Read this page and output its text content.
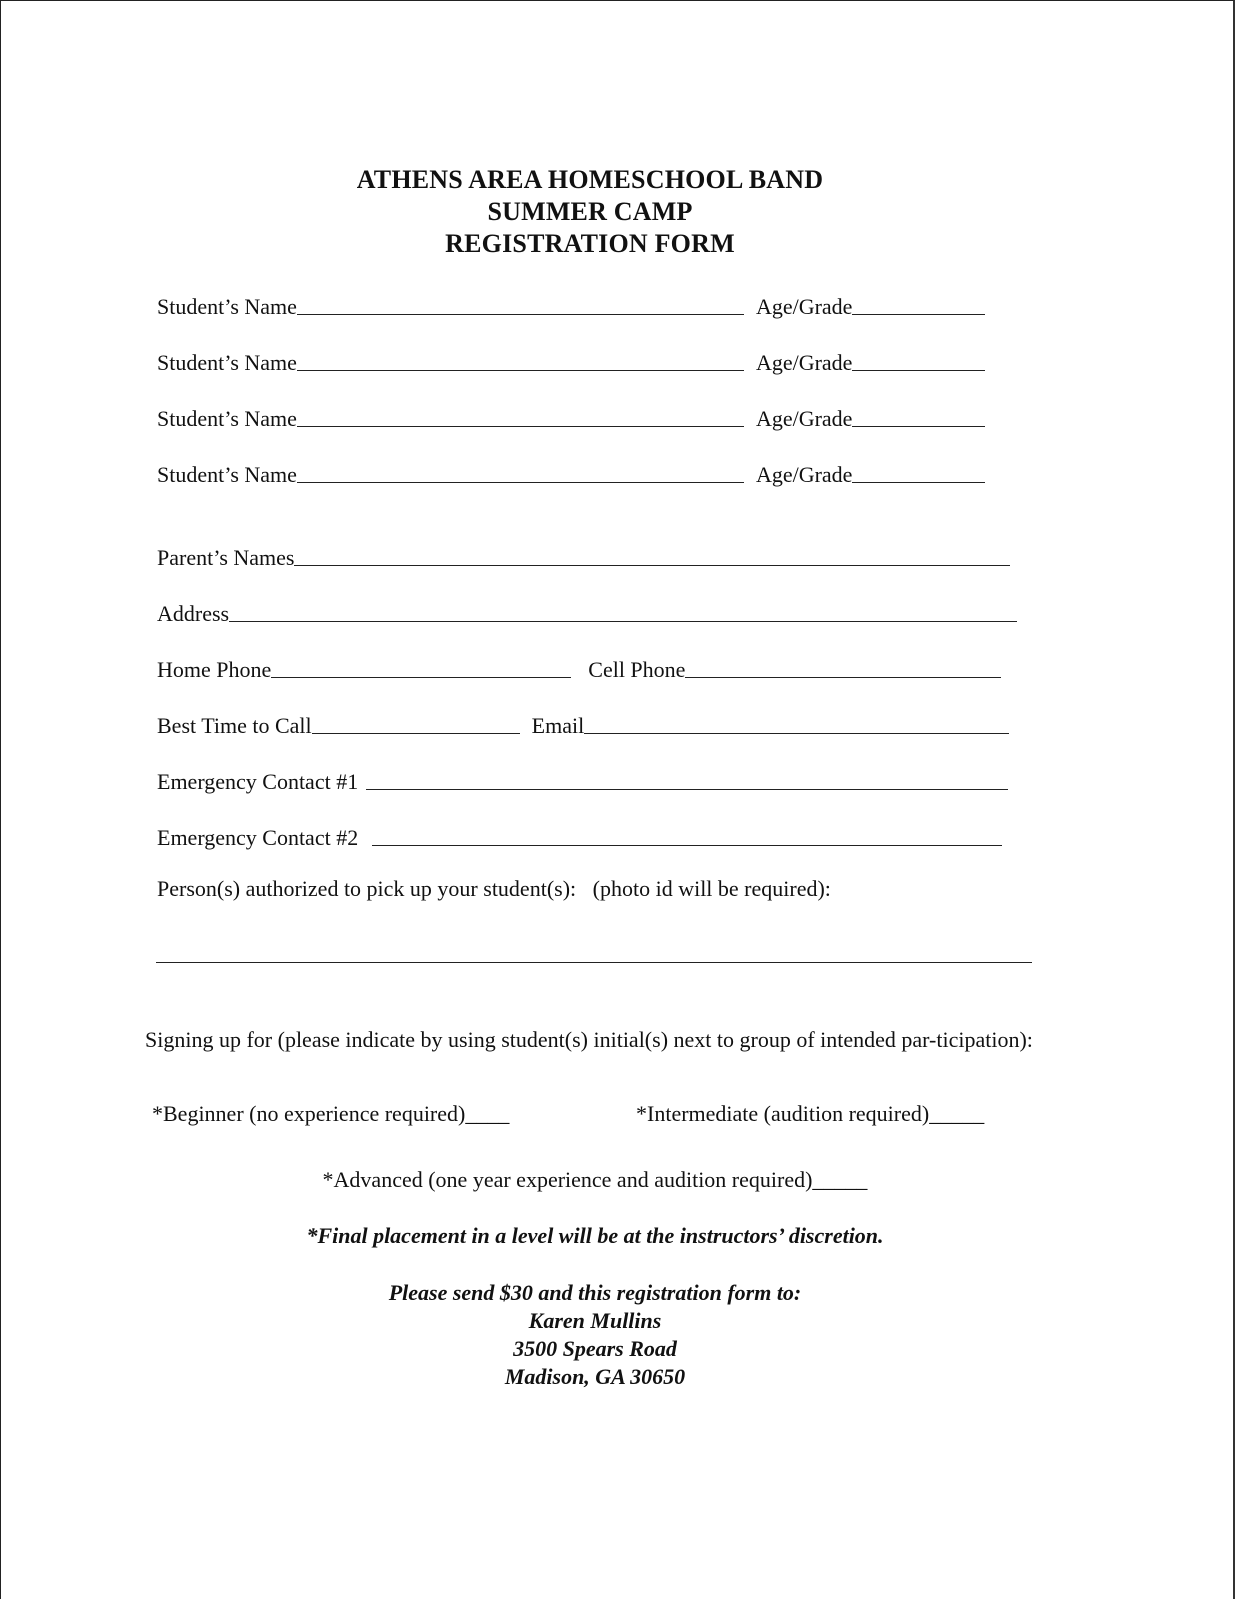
ATHENS AREA HOMESCHOOL BAND
SUMMER CAMP
REGISTRATION FORM
Student’s Name	Age/Grade
Student’s Name	Age/Grade
Student’s Name	Age/Grade
Student’s Name	Age/Grade
Parent’s Names
Address
Home Phone	Cell Phone
Best Time to Call	Email
Emergency Contact #1
Emergency Contact #2
Person(s) authorized to pick up your student(s):   (photo id will be required):
Signing up for (please indicate by using student(s) initial(s) next to group of intended par-ticipation):
*Beginner (no experience required)____	*Intermediate (audition required)_____
*Advanced (one year experience and audition required)_____
*Final placement in a level will be at the instructors’ discretion.
Please send $30 and this registration form to:
Karen Mullins
3500 Spears Road
Madison, GA 30650
